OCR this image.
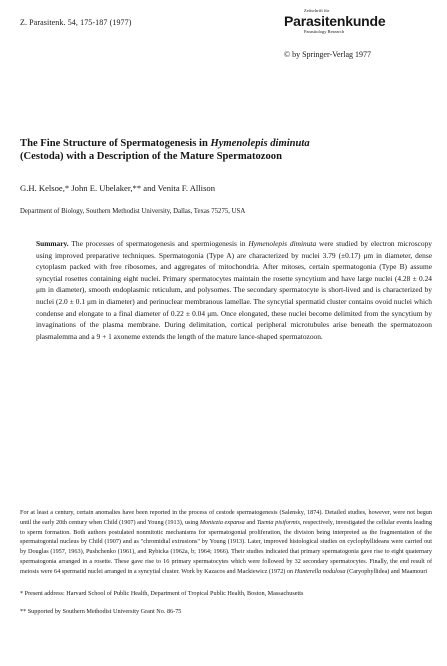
Z. Parasitenk. 54, 175-187 (1977)
Zeitschrift für
Parasitenkunde
Parasitology Research
© by Springer-Verlag 1977
The Fine Structure of Spermatogenesis in Hymenolepis diminuta
(Cestoda) with a Description of the Mature Spermatozoon
G.H. Kelsoe,* John E. Ubelaker,** and Venita F. Allison
Department of Biology, Southern Methodist University, Dallas, Texas 75275, USA
Summary. The processes of spermatogenesis and spermiogenesis in Hymenolepis diminuta were studied by electron microscopy using improved preparative techniques. Spermatogonia (Type A) are characterized by nuclei 3.79 (±0.17) μm in diameter, dense cytoplasm packed with free ribosomes, and aggregates of mitochondria. After mitoses, certain spermatogonia (Type B) assume syncytial rosettes containing eight nuclei. Primary spermatocytes maintain the rosette syncytium and have large nuclei (4.28 ± 0.24 μm in diameter), smooth endoplasmic reticulum, and polysomes. The secondary spermatocyte is short-lived and is characterized by nuclei (2.0 ± 0.1 μm in diameter) and perinuclear membranous lamellae. The syncytial spermatid cluster contains ovoid nuclei which condense and elongate to a final diameter of 0.22 ± 0.04 μm. Once elongated, these nuclei become delimited from the syncytium by invaginations of the plasma membrane. During delimitation, cortical peripheral microtubules arise beneath the spermatozoon plasmalemma and a 9 + 1 axoneme extends the length of the mature lance-shaped spermatozoon.
For at least a century, certain anomalies have been reported in the process of cestode spermatogenesis (Salensky, 1874). Detailed studies, however, were not begun until the early 20th century when Child (1907) and Young (1913), using Moniezia expansa and Taenia pisiformis, respectively, investigated the cellular events leading to sperm formation. Both authors postulated nonmitotic mechanisms for spermatogonial proliferation, the division being interpreted as the fragmentation of the spermatogonial nucleus by Child (1907) and as "chromidial extrusions" by Young (1913). Later, improved histological studies on cyclophyllideans were carried out by Douglas (1957, 1963), Pushchenko (1961), and Rybicka (1962a, b; 1964; 1966). Their studies indicated that primary spermatogonia gave rise to eight quaternary spermatogonia arranged in a rosette. These gave rise to 16 primary spermatocytes which were followed by 32 secondary spermatocytes. Finally, the end result of meiosis were 64 spermatid nuclei arranged in a syncytial cluster. Work by Kazacos and Mackiewicz (1972) on Hunterella nodulosa (Caryophyllidea) and Maamouri
* Present address: Harvard School of Public Health, Department of Tropical Public Health, Boston, Massachusetts
** Supported by Southern Methodist University Grant No. 86-75
